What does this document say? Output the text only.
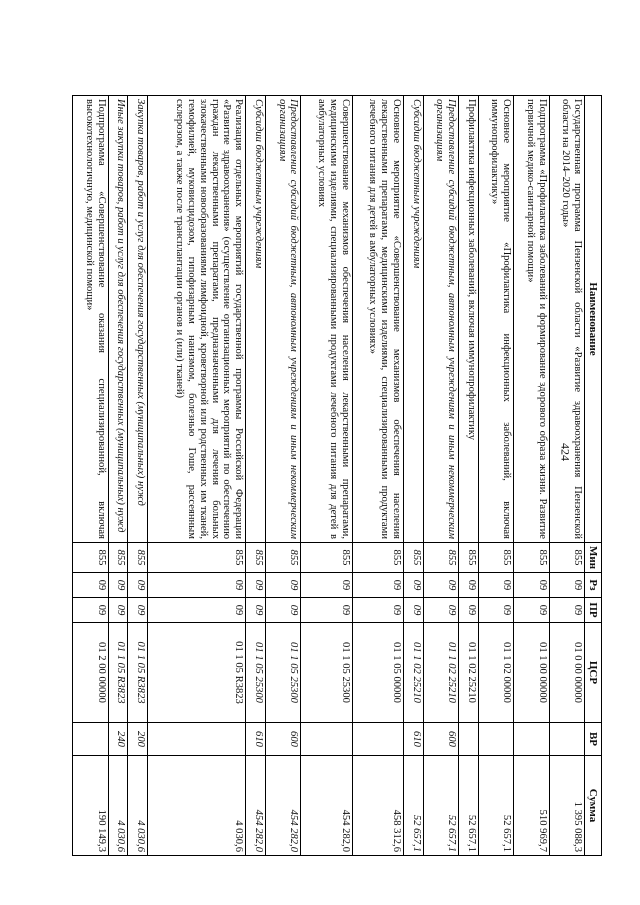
424
Наименование	Мин	Рз	ПР	ЦСР	ВР	Сумма
Государственная программа Пензенской области «Развитие здравоохранения Пензенской области на 2014–2020 годы»	855	09	09	01 0 00 00000		1 395 088,3
Подпрограмма «Профилактика заболеваний и формирование здорового образа жизни. Развитие первичной медико-санитарной помощи»	855	09	09	01 1 00 00000		510 969,7
Основное мероприятие «Профилактика инфекционных заболеваний, включая иммунопрофилактику»	855	09	09	01 1 02 00000		52 657,1
Профилактика инфекционных заболеваний, включая иммунопрофилактику	855	09	09	01 1 02 25210		52 657,1
Предоставление субсидий бюджетным, автономным учреждениям и иным некоммерческим организациям	855	09	09	01 1 02 25210	600	52 657,1
Субсидии бюджетным учреждениям	855	09	09	01 1 02 25210	610	52 657,1
Основное мероприятие «Совершенствование механизмов обеспечения населения лекарственными препаратами, медицинскими изделиями, специализированными продуктами лечебного питания для детей в амбулаторных условиях»	855	09	09	01 1 05 00000		458 312,6
Совершенствование механизмов обеспечения населения лекарственными препаратами, медицинскими изделиями, специализированными продуктами лечебного питания для детей в амбулаторных условиях	855	09	09	01 1 05 25300		454 282,0
Предоставление субсидий бюджетным, автономным учреждениям и иным некоммерческим организациям	855	09	09	01 1 05 25300	600	454 282,0
Субсидии бюджетным учреждениям	855	09	09	01 1 05 25300	610	454 282,0
Реализация отдельных мероприятий государственной программы Российской Федерации «Развитие здравоохранения» (осуществление организационных мероприятий по обеспечению граждан лекарственными препаратами, предназначенными для лечения больных злокачественными новообразованиями лимфоидной, кроветворной или родственных им тканей, гемофилией, муковисцидозом, гипофизарным нанизмом, болезнью Гоше, рассеянным склерозом, а также после трансплантации органов и (или) тканей)	855	09	09	01 1 05 R3823		4 030,6
Закупка товаров, работ и услуг для обеспечения государственных (муниципальных) нужд	855	09	09	01 1 05 R3823	200	4 030,6
Иные закупки товаров, работ и услуг для обеспечения государственных (муниципальных) нужд	855	09	09	01 1 05 R3823	240	4 030,6
Подпрограмма «Совершенствование оказания специализированной, включая высокотехнологичную, медицинской помощи»	855	09	09	01 2 00 00000		190 149,3
